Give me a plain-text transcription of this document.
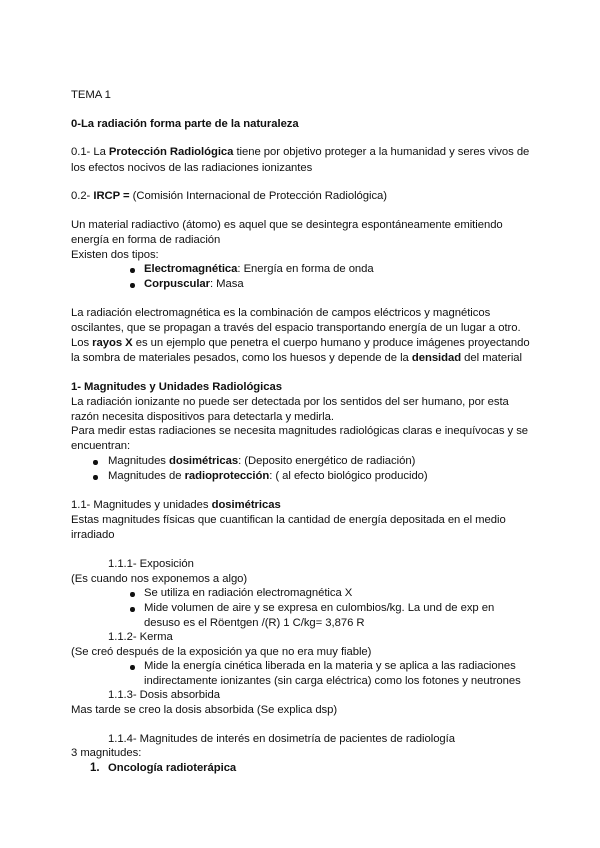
TEMA 1
0-La radiación forma parte de la naturaleza
0.1- La Protección Radiológica tiene por objetivo proteger a la humanidad y seres vivos de
los efectos nocivos de las radiaciones ionizantes
0.2- IRCP = (Comisión Internacional de Protección Radiológica)
Un material radiactivo (átomo) es aquel que se desintegra espontáneamente emitiendo
energía en forma de radiación
Existen dos tipos:
Electromagnética: Energía en forma de onda
Corpuscular: Masa
La radiación electromagnética es la combinación de campos eléctricos y magnéticos
oscilantes, que se propagan a través del espacio transportando energía de un lugar a otro.
Los rayos X es un ejemplo que penetra el cuerpo humano y produce imágenes proyectando
la sombra de materiales pesados, como los huesos y depende de la densidad del material
1- Magnitudes y Unidades Radiológicas
La radiación ionizante no puede ser detectada por los sentidos del ser humano, por esta
razón necesita dispositivos para detectarla y medirla.
Para medir estas radiaciones se necesita magnitudes radiológicas claras e inequívocas y se
encuentran:
Magnitudes dosimétricas: (Deposito energético de radiación)
Magnitudes de radioprotección: ( al efecto biológico producido)
1.1- Magnitudes y unidades dosimétricas
Estas magnitudes físicas que cuantifican la cantidad de energía depositada en el medio
irradiado
1.1.1- Exposición
(Es cuando nos exponemos a algo)
Se utiliza en radiación electromagnética X
Mide volumen de aire y se expresa en culombios/kg. La und de exp en
desuso es el Röentgen /(R) 1 C/kg= 3,876 R
1.1.2- Kerma
(Se creó después de la exposición ya que no era muy fiable)
Mide la energía cinética liberada en la materia y se aplica a las radiaciones
indirectamente ionizantes (sin carga eléctrica) como los fotones y neutrones
1.1.3- Dosis absorbida
Mas tarde se creo la dosis absorbida (Se explica dsp)
1.1.4- Magnitudes de interés en dosimetría de pacientes de radiología
3 magnitudes:
1. Oncología radioterápica
